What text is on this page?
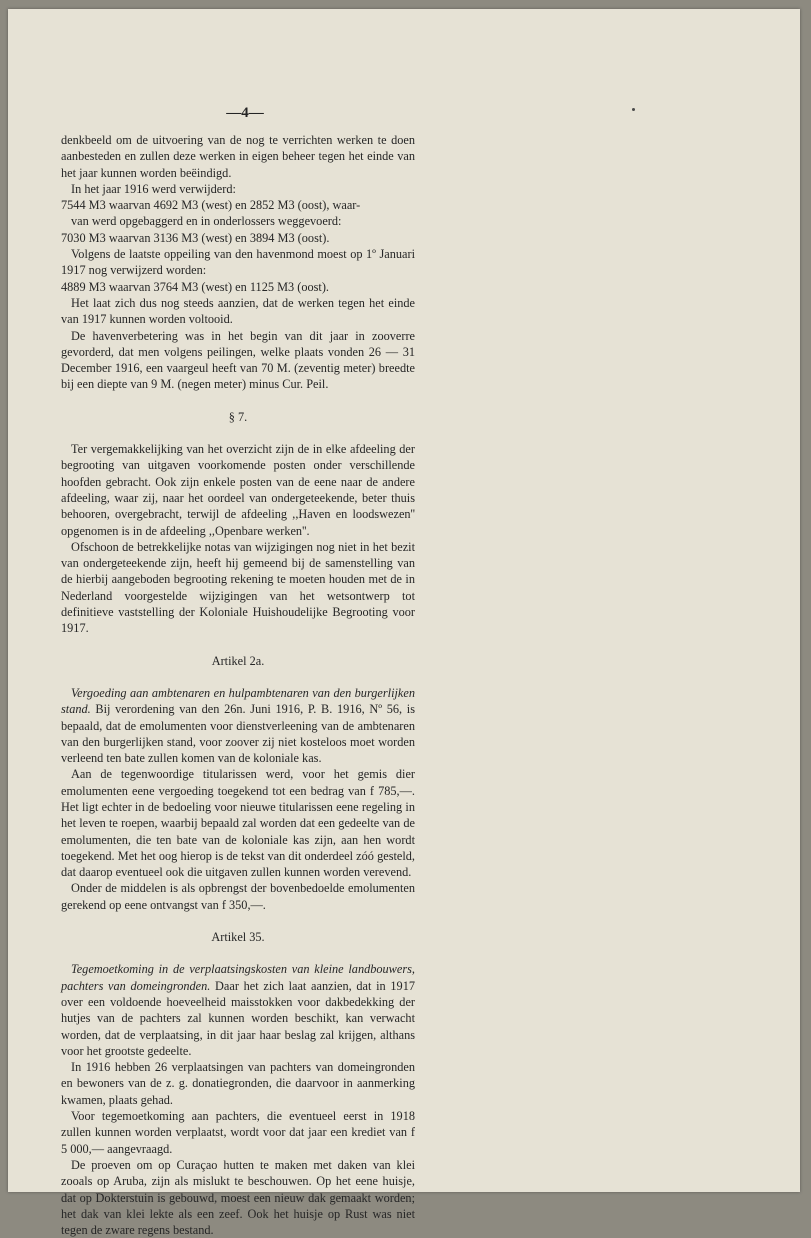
—4—

denkbeeld om de uitvoering van de nog te verrichten werken te doen aanbesteden en zullen deze werken in eigen beheer tegen het einde van het jaar kunnen worden beëindigd.

In het jaar 1916 werd verwijderd:

7544 M3 waarvan 4692 M3 (west) en 2852 M3 (oost), waar-

van werd opgebaggerd en in onderlossers weggevoerd:

7030 M3 waarvan 3136 M3 (west) en 3894 M3 (oost).

Volgens de laatste oppeiling van den havenmond moest op 1º Januari 1917 nog verwijzerd worden:

4889 M3 waarvan 3764 M3 (west) en 1125 M3 (oost).

Het laat zich dus nog steeds aanzien, dat de werken tegen het einde van 1917 kunnen worden voltooid.

De havenverbetering was in het begin van dit jaar in zooverre gevorderd, dat men volgens peilingen, welke plaats vonden 26 — 31 December 1916, een vaargeul heeft van 70 M. (zeventig meter) breedte bij een diepte van 9 M. (negen meter) minus Cur. Peil.

§ 7.

Ter vergemakkelijking van het overzicht zijn de in elke afdeeling der begrooting van uitgaven voorkomende posten onder verschillende hoofden gebracht. Ook zijn enkele posten van de eene naar de andere afdeeling, waar zij, naar het oordeel van ondergeteekende, beter thuis behooren, overgebracht, terwijl de afdeeling ,,Haven en loodswezen'' opgenomen is in de afdeeling ,,Openbare werken''.

Ofschoon de betrekkelijke notas van wijzigingen nog niet in het bezit van ondergeteekende zijn, heeft hij gemeend bij de samenstelling van de hierbij aangeboden begrooting rekening te moeten houden met de in Nederland voorgestelde wijzigingen van het wetsontwerp tot definitieve vaststelling der Koloniale Huishoudelijke Begrooting voor 1917.

Artikel 2a.

Vergoeding aan ambtenaren en hulpambtenaren van den burgerlijken stand. Bij verordening van den 26n. Juni 1916, P. B. 1916, Nº 56, is bepaald, dat de emolumenten voor dienstverleening van de ambtenaren van den burgerlijken stand, voor zoover zij niet kosteloos moet worden verleend ten bate zullen komen van de koloniale kas.

Aan de tegenwoordige titularissen werd, voor het gemis dier emolumenten eene vergoeding toegekend tot een bedrag van f 785,—. Het ligt echter in de bedoeling voor nieuwe titularissen eene regeling in het leven te roepen, waarbij bepaald zal worden dat een gedeelte van de emolumenten, die ten bate van de koloniale kas zijn, aan hen wordt toegekend. Met het oog hierop is de tekst van dit onderdeel zóó gesteld, dat daarop eventueel ook die uitgaven zullen kunnen worden verevend.

Onder de middelen is als opbrengst der bovenbedoelde emolumenten gerekend op eene ontvangst van f 350,—.

Artikel 35.

Tegemoetkoming in de verplaatsingskosten van kleine landbouwers, pachters van domeingronden. Daar het zich laat aanzien, dat in 1917 over een voldoende hoeveelheid maisstokken voor dakbedekking der hutjes van de pachters zal kunnen worden beschikt, kan verwacht worden, dat de verplaatsing, in dit jaar haar beslag zal krijgen, althans voor het grootste gedeelte.

In 1916 hebben 26 verplaatsingen van pachters van domeingronden en bewoners van de z. g. donatiegronden, die daarvoor in aanmerking kwamen, plaats gehad.

Voor tegemoetkoming aan pachters, die eventueel eerst in 1918 zullen kunnen worden verplaatst, wordt voor dat jaar een krediet van f 5 000,— aangevraagd.

De proeven om op Curaçao hutten te maken met daken van klei zooals op Aruba, zijn als mislukt te beschouwen. Op het eene huisje, dat op Dokterstuin is gebouwd, moest een nieuw dak gemaakt worden; het dak van klei lekte als een zeef. Ook het huisje op Rust was niet tegen de zware regens bestand.
